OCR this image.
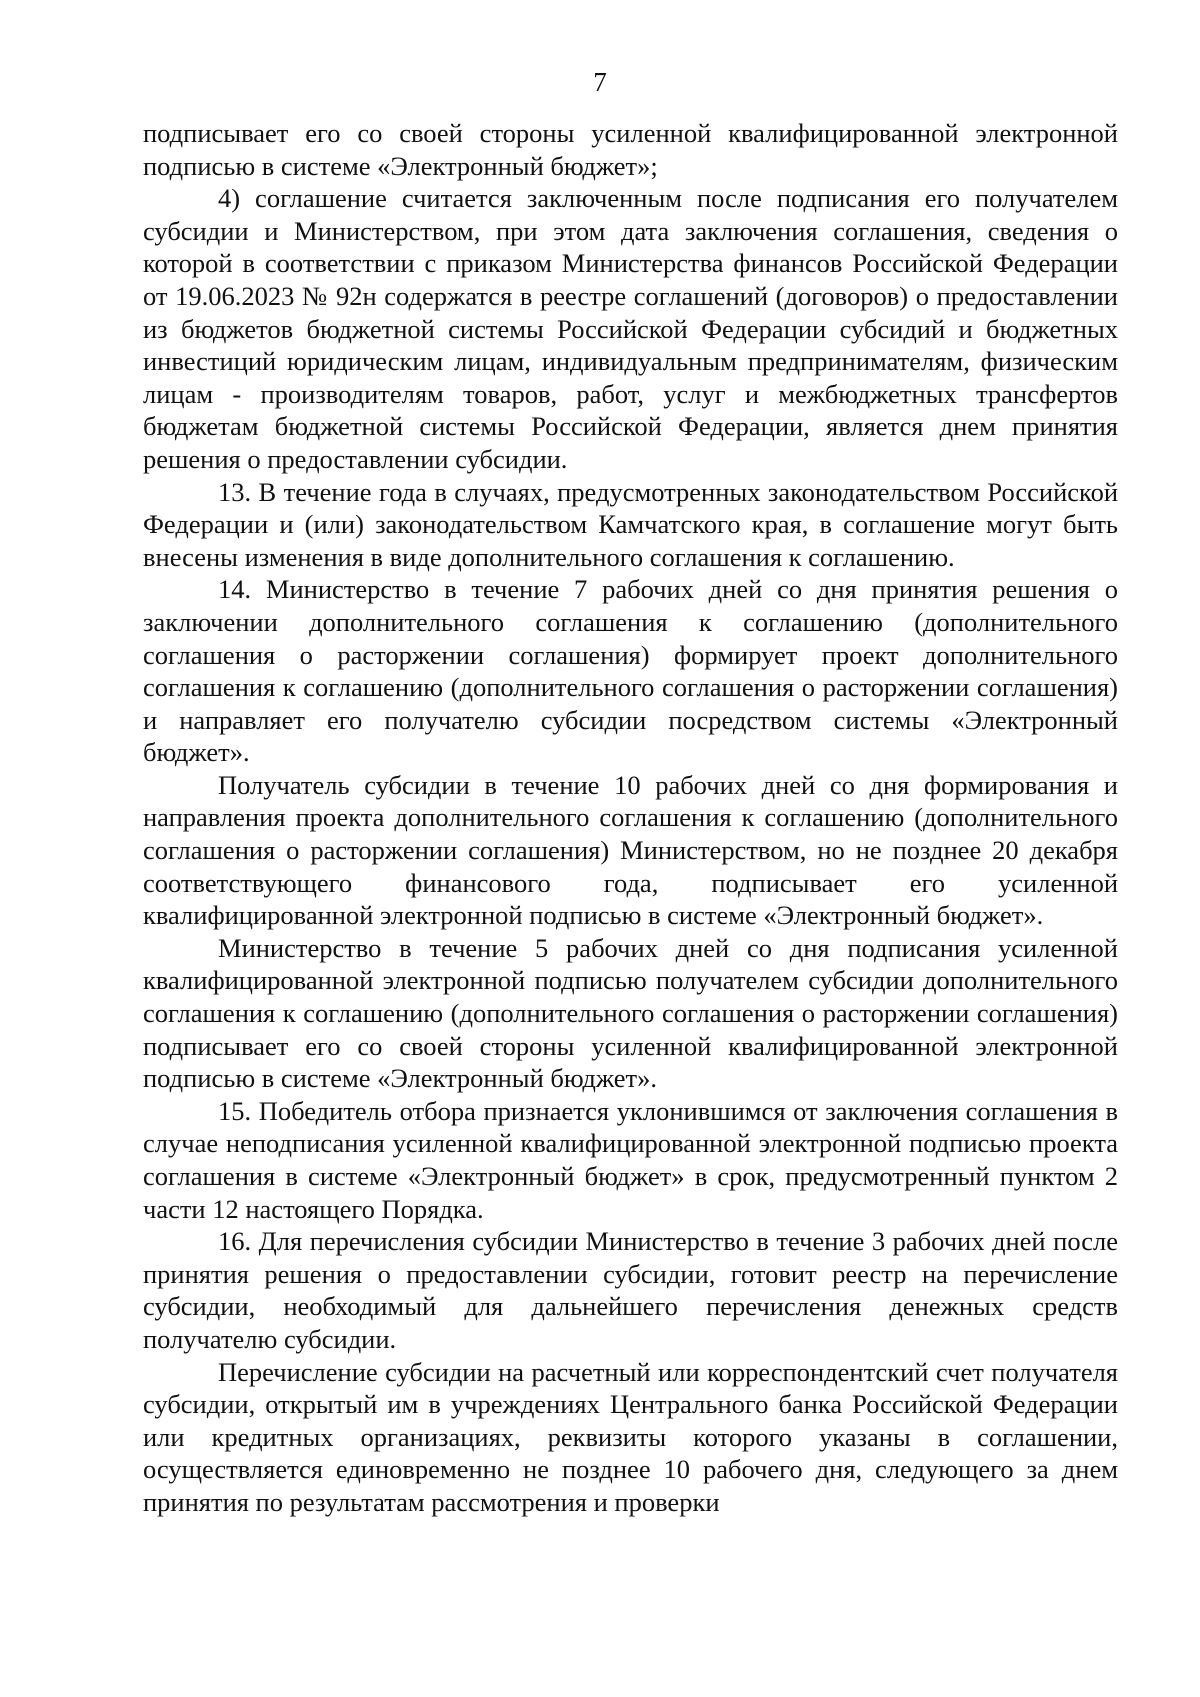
7

подписывает его со своей стороны усиленной квалифицированной электронной подписью в системе «Электронный бюджет»;

4) соглашение считается заключенным после подписания его получателем субсидии и Министерством, при этом дата заключения соглашения, сведения о которой в соответствии с приказом Министерства финансов Российской Федерации от 19.06.2023 № 92н содержатся в реестре соглашений (договоров) о предоставлении из бюджетов бюджетной системы Российской Федерации субсидий и бюджетных инвестиций юридическим лицам, индивидуальным предпринимателям, физическим лицам - производителям товаров, работ, услуг и межбюджетных трансфертов бюджетам бюджетной системы Российской Федерации, является днем принятия решения о предоставлении субсидии.

13. В течение года в случаях, предусмотренных законодательством Российской Федерации и (или) законодательством Камчатского края, в соглашение могут быть внесены изменения в виде дополнительного соглашения к соглашению.

14. Министерство в течение 7 рабочих дней со дня принятия решения о заключении дополнительного соглашения к соглашению (дополнительного соглашения о расторжении соглашения) формирует проект дополнительного соглашения к соглашению (дополнительного соглашения о расторжении соглашения) и направляет его получателю субсидии посредством системы «Электронный бюджет».

Получатель субсидии в течение 10 рабочих дней со дня формирования и направления проекта дополнительного соглашения к соглашению (дополнительного соглашения о расторжении соглашения) Министерством, но не позднее 20 декабря соответствующего финансового года, подписывает его усиленной квалифицированной электронной подписью в системе «Электронный бюджет».

Министерство в течение 5 рабочих дней со дня подписания усиленной квалифицированной электронной подписью получателем субсидии дополнительного соглашения к соглашению (дополнительного соглашения о расторжении соглашения) подписывает его со своей стороны усиленной квалифицированной электронной подписью в системе «Электронный бюджет».

15. Победитель отбора признается уклонившимся от заключения соглашения в случае неподписания усиленной квалифицированной электронной подписью проекта соглашения в системе «Электронный бюджет» в срок, предусмотренный пунктом 2 части 12 настоящего Порядка.

16. Для перечисления субсидии Министерство в течение 3 рабочих дней после принятия решения о предоставлении субсидии, готовит реестр на перечисление субсидии, необходимый для дальнейшего перечисления денежных средств получателю субсидии.

Перечисление субсидии на расчетный или корреспондентский счет получателя субсидии, открытый им в учреждениях Центрального банка Российской Федерации или кредитных организациях, реквизиты которого указаны в соглашении, осуществляется единовременно не позднее 10 рабочего дня, следующего за днем принятия по результатам рассмотрения и проверки
